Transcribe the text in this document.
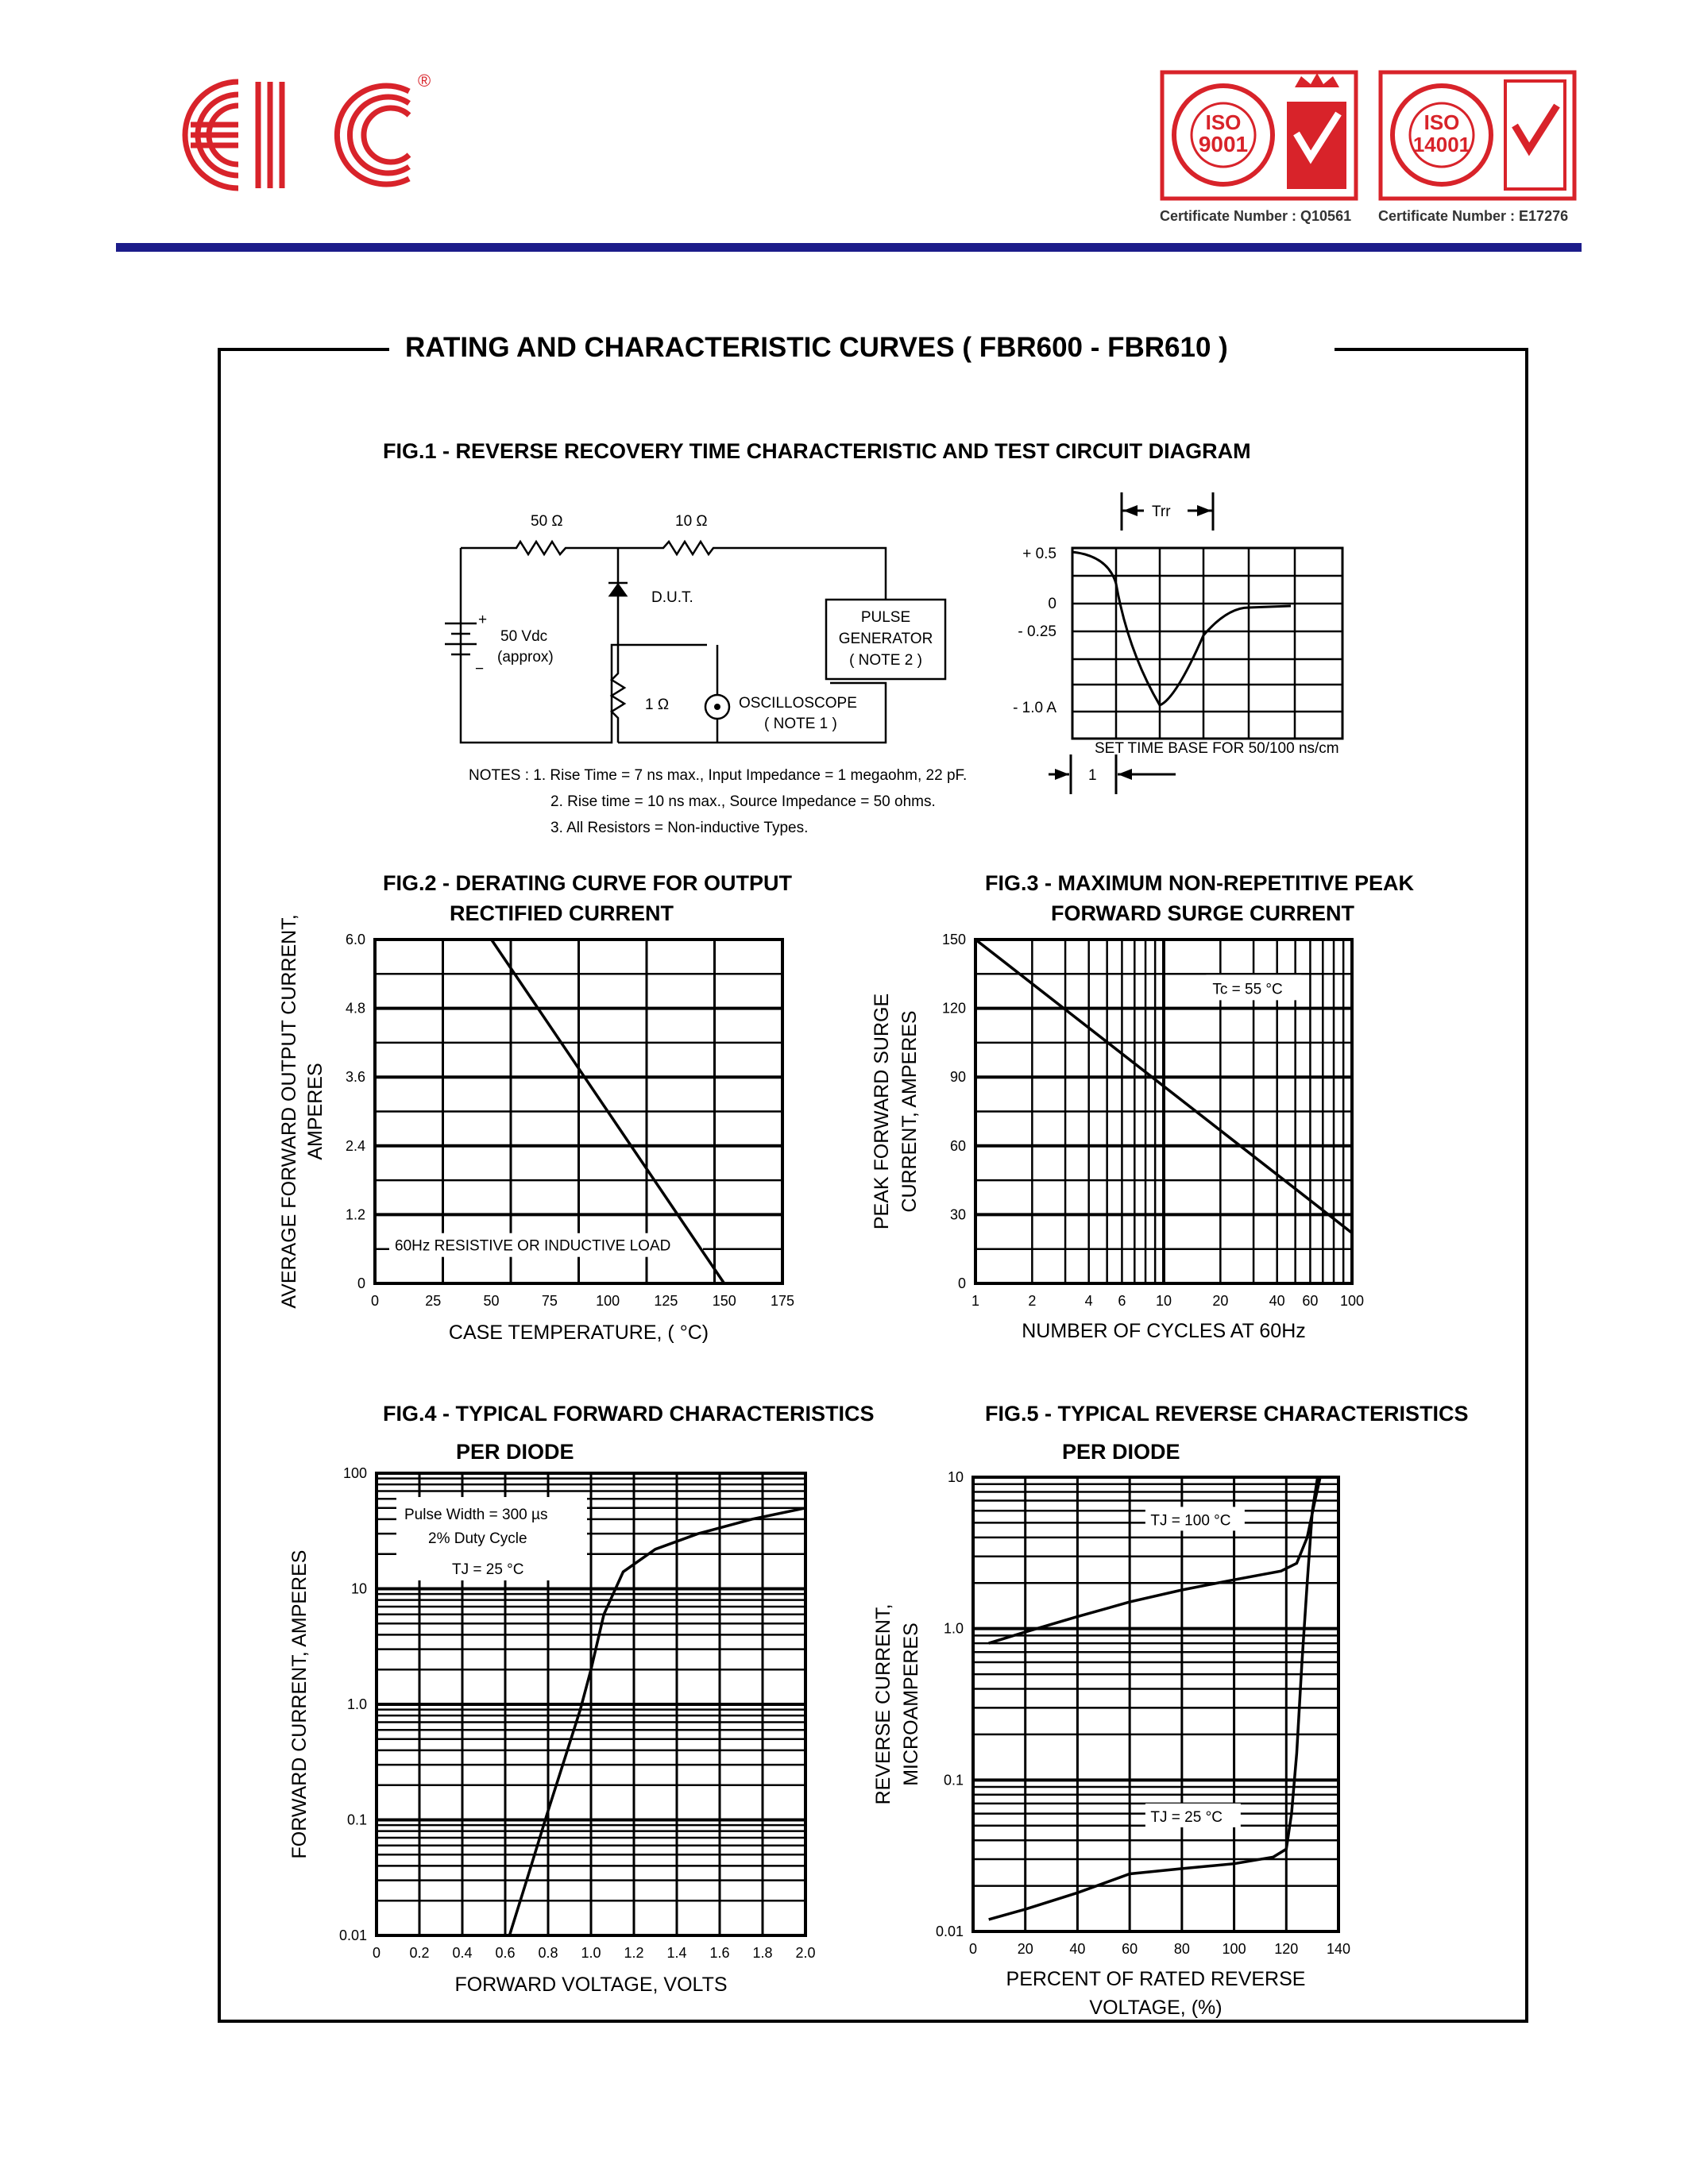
®
ISO
9001
Certificate Number : Q10561
ISO
14001
Certificate Number : E17276
50 Ω	10 Ω
D.U.T.
+
−
50 Vdc
(approx)
1 Ω	OSCILLOSCOPE
( NOTE 1 )
PULSE
GENERATOR
( NOTE 2 )
NOTES : 1. Rise Time = 7 ns max., Input Impedance = 1 megaohm, 22 pF.
2. Rise time = 10 ns max., Source Impedance = 50 ohms.
3. All Resistors = Non-inductive Types.
Trr
+ 0.5
0
- 0.25
- 1.0 A
SET TIME BASE FOR 50/100 ns/cm
1
RATING AND CHARACTERISTIC CURVES ( FBR600 - FBR610 )
FIG.1 - REVERSE RECOVERY TIME CHARACTERISTIC AND TEST CIRCUIT DIAGRAM
FIG.2 - DERATING CURVE FOR OUTPUT
RECTIFIED CURRENT
FIG.3 - MAXIMUM NON-REPETITIVE PEAK
FORWARD SURGE CURRENT
FIG.4 - TYPICAL FORWARD CHARACTERISTICS
PER DIODE
FIG.5 - TYPICAL REVERSE CHARACTERISTICS
PER DIODE
0	25	50	75	100 125 150 175
0
1.2
2.4
3.6
4.8
6.0
60Hz RESISTIVE OR INDUCTIVE LOAD
CASE TEMPERATURE, ( °C)
AVERAGE FORWARD OUTPUT CURRENT, AMPERES
1	2	4 6 10	20	40 60 100
0
30
60
90
120
150
Tc = 55 °C
NUMBER OF CYCLES AT 60Hz
PEAK FORWARD SURGE CURRENT, AMPERES
0 0.2 0.4 0.6 0.8 1.0 1.2 1.4 1.6 1.8 2.0
0.01
0.1
1.0
10
100
Pulse Width = 300 µs
2% Duty Cycle
TJ = 25 °C
FORWARD VOLTAGE, VOLTS
FORWARD CURRENT, AMPERES
0	20	40	60	80 100 120 140
0.01
0.1
1.0
10
TJ = 100 °C
TJ = 25 °C
PERCENT OF RATED REVERSE
VOLTAGE, (%)
REVERSE CURRENT, MICROAMPERES
